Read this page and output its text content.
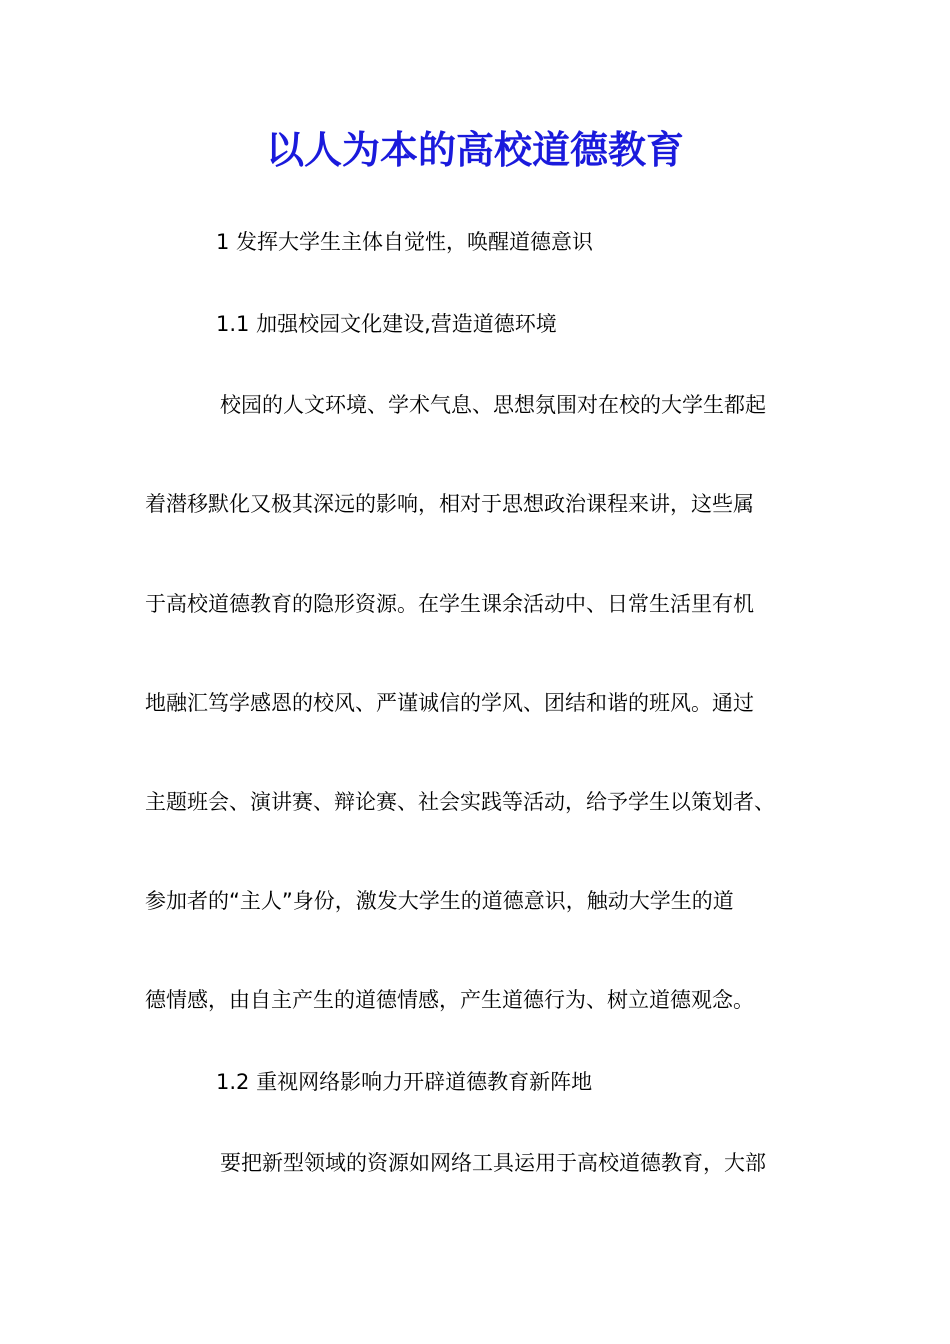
以人为本的高校道德教育

1 发挥大学生主体自觉性，唤醒道德意识

1.1 加强校园文化建设,营造道德环境

校园的人文环境、学术气息、思想氛围对在校的大学生都起

着潜移默化又极其深远的影响，相对于思想政治课程来讲，这些属

于高校道德教育的隐形资源。在学生课余活动中、日常生活里有机

地融汇笃学感恩的校风、严谨诚信的学风、团结和谐的班风。通过

主题班会、演讲赛、辩论赛、社会实践等活动，给予学生以策划者、

参加者的“主人”身份，激发大学生的道德意识，触动大学生的道

德情感，由自主产生的道德情感，产生道德行为、树立道德观念。

1.2 重视网络影响力开辟道德教育新阵地

要把新型领域的资源如网络工具运用于高校道德教育，大部
